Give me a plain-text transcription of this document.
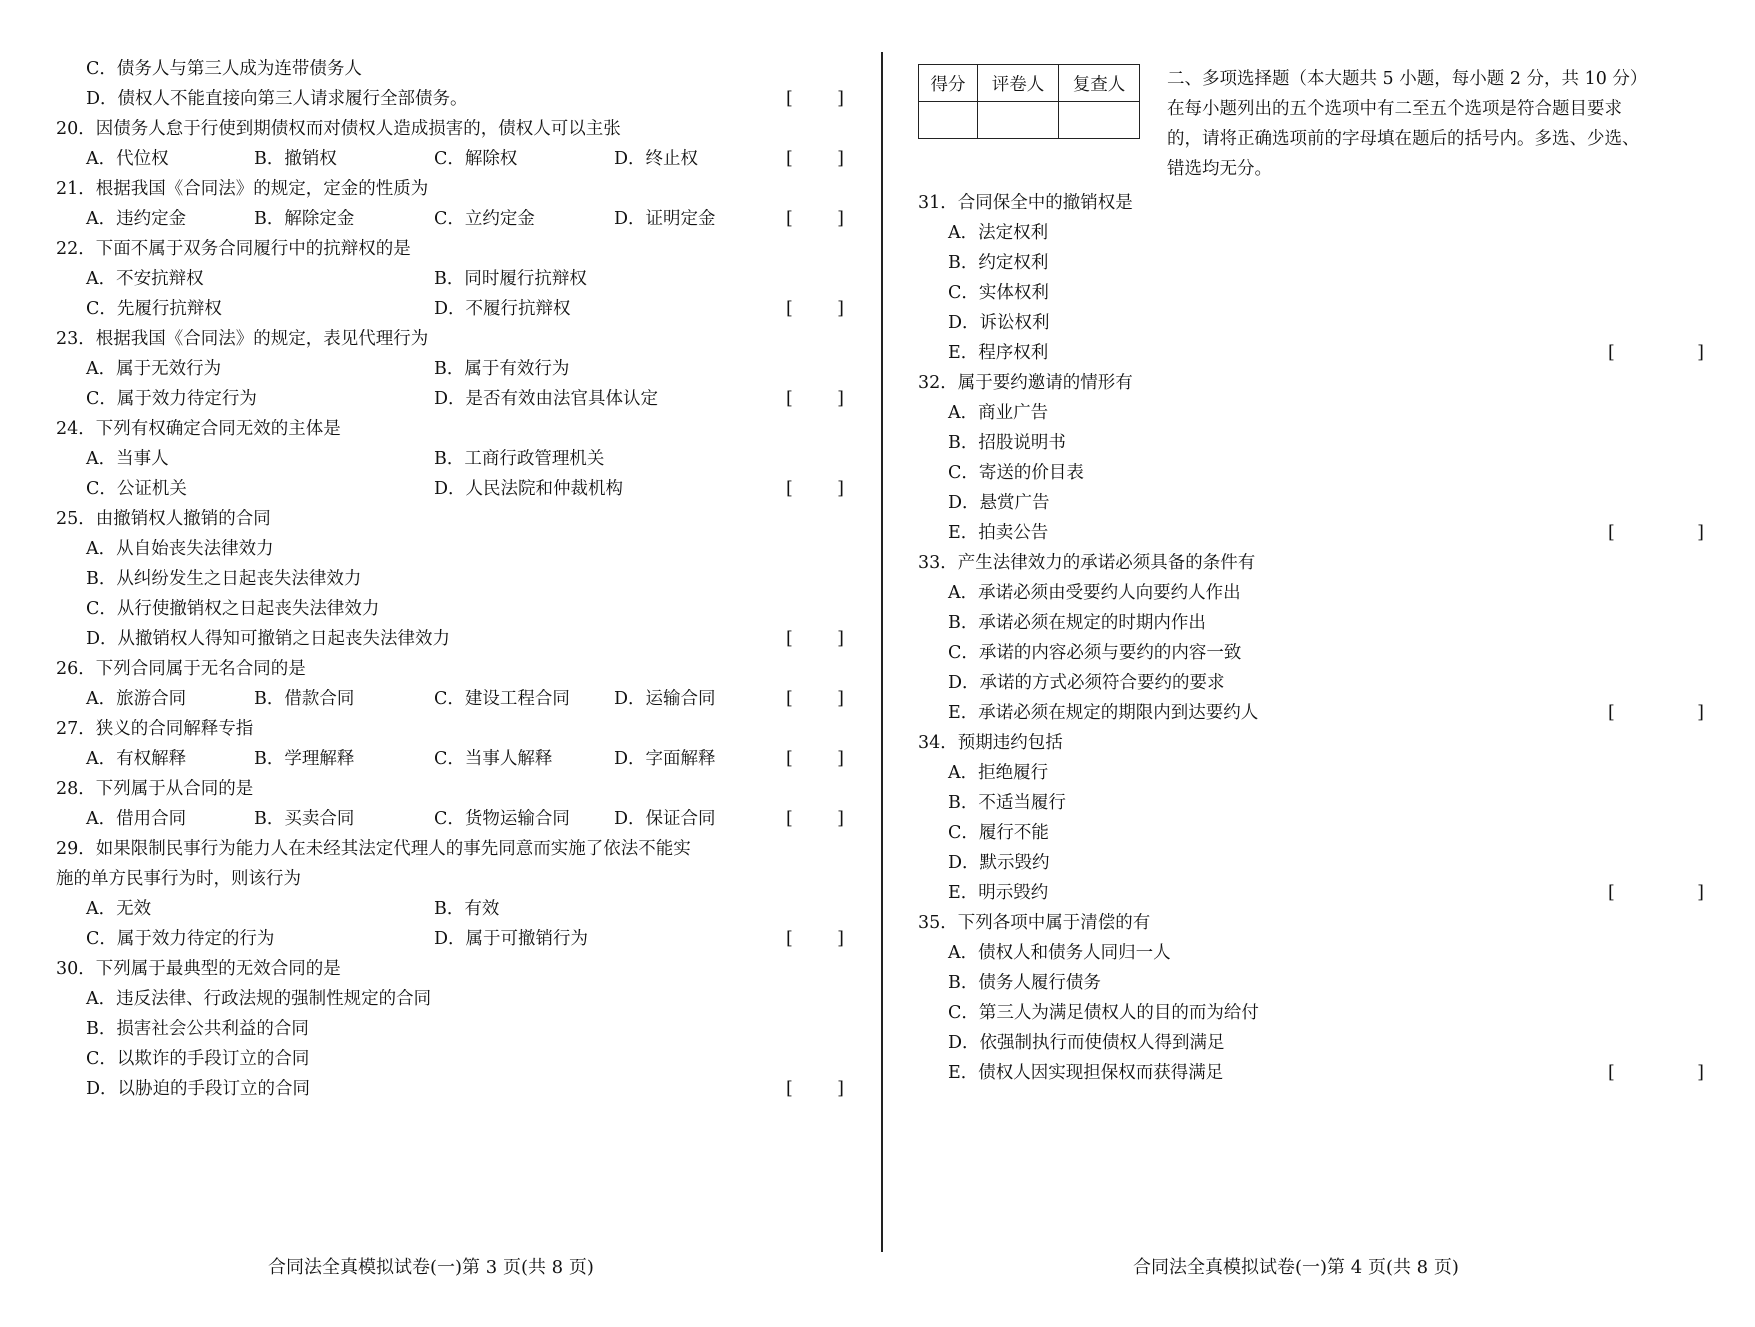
C．债务人与第三人成为连带债务人
D．债权人不能直接向第三人请求履行全部债务。	[	]
20．因债务人怠于行使到期债权而对债权人造成损害的，债权人可以主张
A．代位权	B．撤销权	C．解除权	D．终止权	[	]
21．根据我国《合同法》的规定，定金的性质为
A．违约定金	B．解除定金	C．立约定金	D．证明定金	[	]
22．下面不属于双务合同履行中的抗辩权的是
A．不安抗辩权	B．同时履行抗辩权
C．先履行抗辩权	D．不履行抗辩权	[	]
23．根据我国《合同法》的规定，表见代理行为
A．属于无效行为	B．属于有效行为
C．属于效力待定行为	D．是否有效由法官具体认定	[	]
24．下列有权确定合同无效的主体是
A．当事人	B．工商行政管理机关
C．公证机关	D．人民法院和仲裁机构	[	]
25．由撤销权人撤销的合同
A．从自始丧失法律效力
B．从纠纷发生之日起丧失法律效力
C．从行使撤销权之日起丧失法律效力
D．从撤销权人得知可撤销之日起丧失法律效力	[	]
26．下列合同属于无名合同的是
A．旅游合同	B．借款合同	C．建设工程合同	D．运输合同	[	]
27．狭义的合同解释专指
A．有权解释	B．学理解释	C．当事人解释	D．字面解释	[	]
28．下列属于从合同的是
A．借用合同	B．买卖合同	C．货物运输合同	D．保证合同	[	]
29．如果限制民事行为能力人在未经其法定代理人的事先同意而实施了依法不能实
施的单方民事行为时，则该行为
A．无效	B．有效
C．属于效力待定的行为	D．属于可撤销行为	[	]
30．下列属于最典型的无效合同的是
A．违反法律、行政法规的强制性规定的合同
B．损害社会公共利益的合同
C．以欺诈的手段订立的合同
D．以胁迫的手段订立的合同	[	]
合同法全真模拟试卷(一)第 3 页(共 8 页)
得分	评卷人	复查人
		二、多项选择题（本大题共 5 小题，每小题 2 分，共 10 分）
在每小题列出的五个选项中有二至五个选项是符合题目要求
的，请将正确选项前的字母填在题后的括号内。多选、少选、
错选均无分。
31．合同保全中的撤销权是
A．法定权利
B．约定权利
C．实体权利
D．诉讼权利
E．程序权利	[	]
32．属于要约邀请的情形有
A．商业广告
B．招股说明书
C．寄送的价目表
D．悬赏广告
E．拍卖公告	[	]
33．产生法律效力的承诺必须具备的条件有
A．承诺必须由受要约人向要约人作出
B．承诺必须在规定的时期内作出
C．承诺的内容必须与要约的内容一致
D．承诺的方式必须符合要约的要求
E．承诺必须在规定的期限内到达要约人	[	]
34．预期违约包括
A．拒绝履行
B．不适当履行
C．履行不能
D．默示毁约
E．明示毁约	[	]
35．下列各项中属于清偿的有
A．债权人和债务人同归一人
B．债务人履行债务
C．第三人为满足债权人的目的而为给付
D．依强制执行而使债权人得到满足
E．债权人因实现担保权而获得满足	[	]
合同法全真模拟试卷(一)第 4 页(共 8 页)
